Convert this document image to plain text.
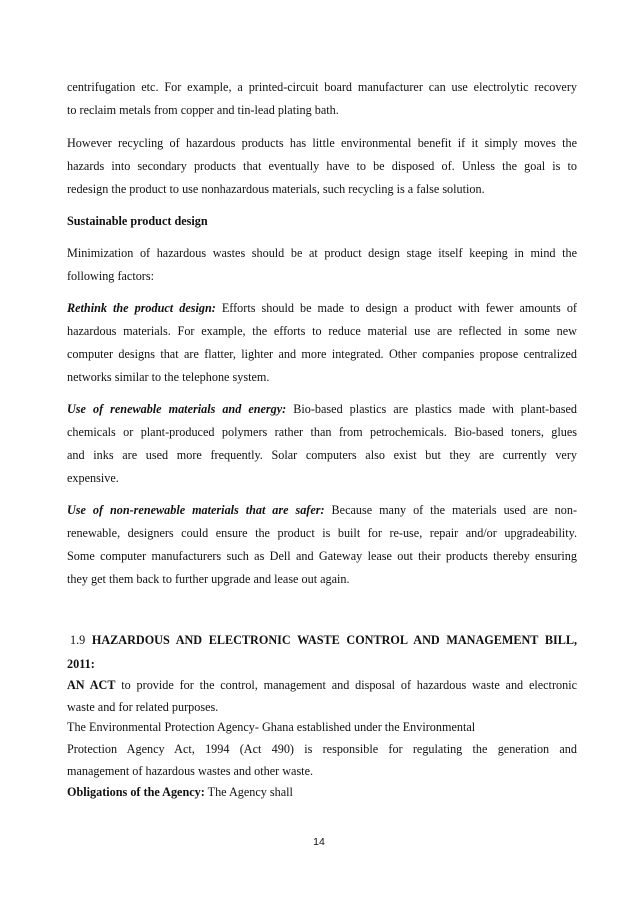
centrifugation etc. For example, a printed-circuit board manufacturer can use electrolytic recovery
to reclaim metals from copper and tin-lead plating bath.
However recycling of hazardous products has little environmental benefit if it simply moves the
hazards into secondary products that eventually have to be disposed of. Unless the goal is to
redesign the product to use nonhazardous materials, such recycling is a false solution.
Sustainable product design
Minimization of hazardous wastes should be at product design stage itself keeping in mind the
following factors:
Rethink the product design: Efforts should be made to design a product with fewer amounts of
hazardous materials. For example, the efforts to reduce material use are reflected in some new
computer designs that are flatter, lighter and more integrated. Other companies propose centralized
networks similar to the telephone system.
Use of renewable materials and energy: Bio-based plastics are plastics made with plant-based
chemicals or plant-produced polymers rather than from petrochemicals. Bio-based toners, glues
and inks are used more frequently. Solar computers also exist but they are currently very
expensive.
Use of non-renewable materials that are safer: Because many of the materials used are non-
renewable, designers could ensure the product is built for re-use, repair and/or upgradeability.
Some computer manufacturers such as Dell and Gateway lease out their products thereby ensuring
they get them back to further upgrade and lease out again.
1.9 HAZARDOUS AND ELECTRONIC WASTE CONTROL AND MANAGEMENT BILL,
2011:
AN ACT to provide for the control, management and disposal of hazardous waste and electronic
waste and for related purposes.
The Environmental Protection Agency- Ghana established under the Environmental
Protection Agency Act, 1994 (Act 490) is responsible for regulating the generation and
management of hazardous wastes and other waste.
Obligations of the Agency: The Agency shall
14
